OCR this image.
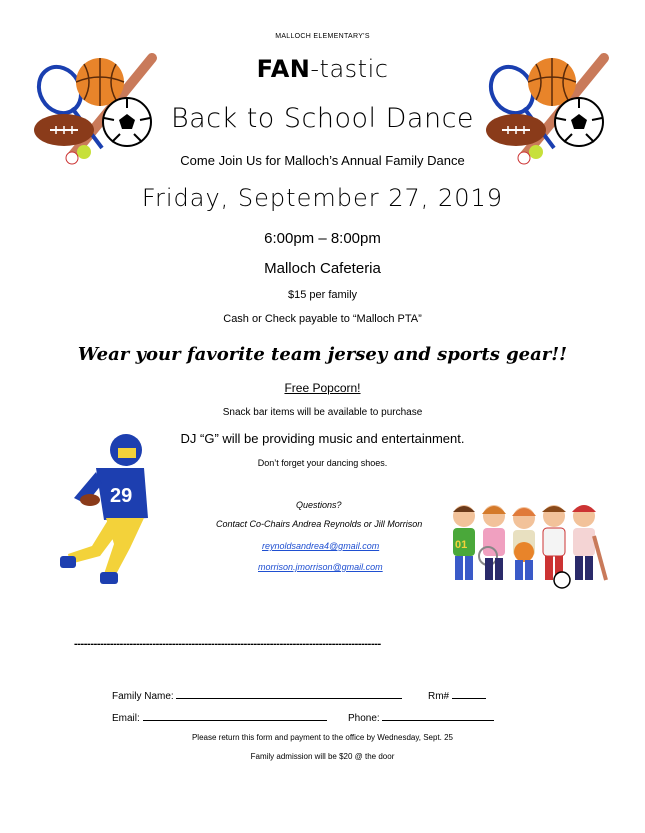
MALLOCH ELEMENTARY'S
FAN-tastic
Back to School Dance
Come Join Us for Malloch’s Annual Family Dance
Friday, September 27, 2019
6:00pm – 8:00pm
Malloch Cafeteria
$15 per family
Cash or Check payable to “Malloch PTA”
Wear your favorite team jersey and sports gear!!
Free Popcorn!
Snack bar items will be available to purchase
DJ “G” will be providing music and entertainment.
Don’t forget your dancing shoes.
29	Questions?
Contact Co-Chairs Andrea Reynolds or Jill Morrison
reynoldsandrea4@gmail.com
morrison.jmorrison@gmail.com
01
----------------------------------------------------------------------------------------------
Family Name:	Rm#
Email:	Phone:
Please return this form and payment to the office by Wednesday, Sept. 25
Family admission will be $20 @ the door
